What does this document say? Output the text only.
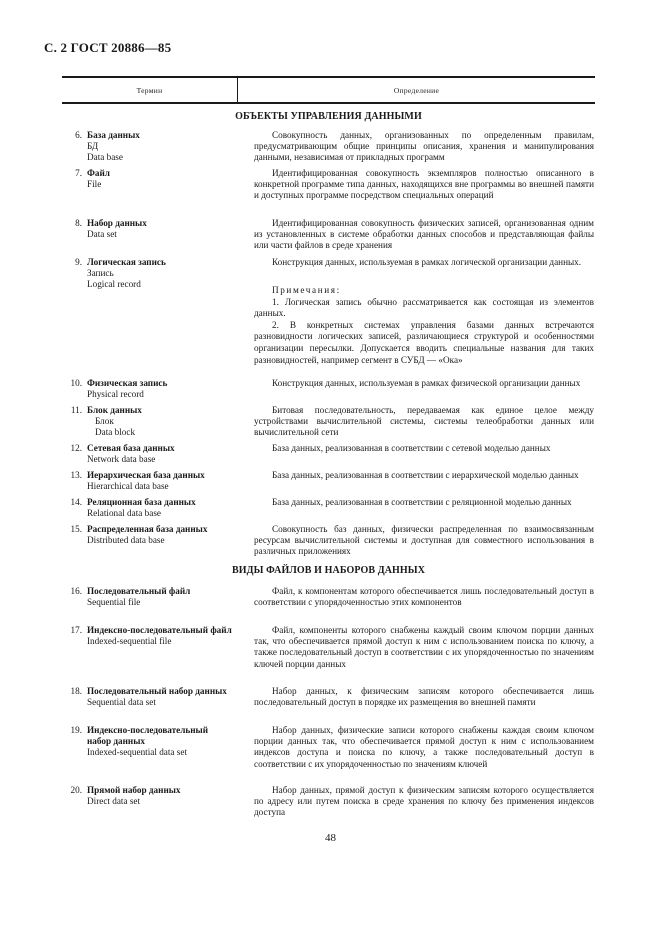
С. 2 ГОСТ 20886—85
Термин	Определение
ОБЪЕКТЫ УПРАВЛЕНИЯ ДАННЫМИ
6. База данных
БД
Data base

Совокупность данных, организованных по определенным правилам, предусматривающим общие принципы описания, хранения и манипулирования данными, независимая от прикладных программ

7. Файл
File

Идентифицированная совокупность экземпляров полностью описанного в конкретной программе типа данных, находящихся вне программы во внешней памяти и доступных программе посредством специальных операций

8. Набор данных
Data set

Идентифицированная совокупность физических записей, организованная одним из установленных в системе обработки данных способов и представляющая файлы или части файлов в среде хранения

9. Логическая запись
Запись
Logical record

Конструкция данных, используемая в рамках логической организации данных.

Примечания:

1. Логическая запись обычно рассматривается как состоящая из элементов данных.

2. В конкретных системах управления базами данных встречаются разновидности логических записей, различающиеся структурой и особенностями организации пересылки. Допускается вводить специальные названия для таких разновидностей, например сегмент в СУБД — «Ока»

10. Физическая запись
Physical record

Конструкция данных, используемая в рамках физической организации данных

11. Блок данных
Блок
Data block

Битовая последовательность, передаваемая как единое целое между устройствами вычислительной системы, системы телеобработки данных или вычислительной сети

12. Сетевая база данных
Network data base

База данных, реализованная в соответствии с сетевой моделью данных

13. Иерархическая база данных
Hierarchical data base

База данных, реализованная в соответствии с иерархической моделью данных

14. Реляционная база данных
Relational data base

База данных, реализованная в соответствии с реляционной моделью данных

15. Распределенная база данных
Distributed data base

Совокупность баз данных, физически распределенная по взаимосвязанным ресурсам вычислительной системы и доступная для совместного использования в различных приложениях

ВИДЫ ФАЙЛОВ И НАБОРОВ ДАННЫХ
16. Последовательный файл
Sequential file

Файл, к компонентам которого обеспечивается лишь последовательный доступ в соответствии с упорядоченностью этих компонентов

17. Индексно-последовательный файл
Indexed-sequential file

Файл, компоненты которого снабжены каждый своим ключом порции данных так, что обеспечивается прямой доступ к ним с использованием поиска по ключу, а также последовательный доступ в соответствии с их упорядоченностью по значениям ключей порции данных

18. Последовательный набор данных
Sequential data set

Набор данных, к физическим записям которого обеспечивается лишь последовательный доступ в порядке их размещения во внешней памяти

19. Индексно-последовательный набор данных
Indexed-sequential data set

Набор данных, физические записи которого снабжены каждая своим ключом порции данных так, что обеспечивается прямой доступ к ним с использованием индексов доступа и поиска по ключу, а также последовательный доступ в соответствии с их упорядоченностью по значениям ключей

20. Прямой набор данных
Direct data set

Набор данных, прямой доступ к физическим записям которого осуществляется по адресу или путем поиска в среде хранения по ключу без применения индексов доступа

48
